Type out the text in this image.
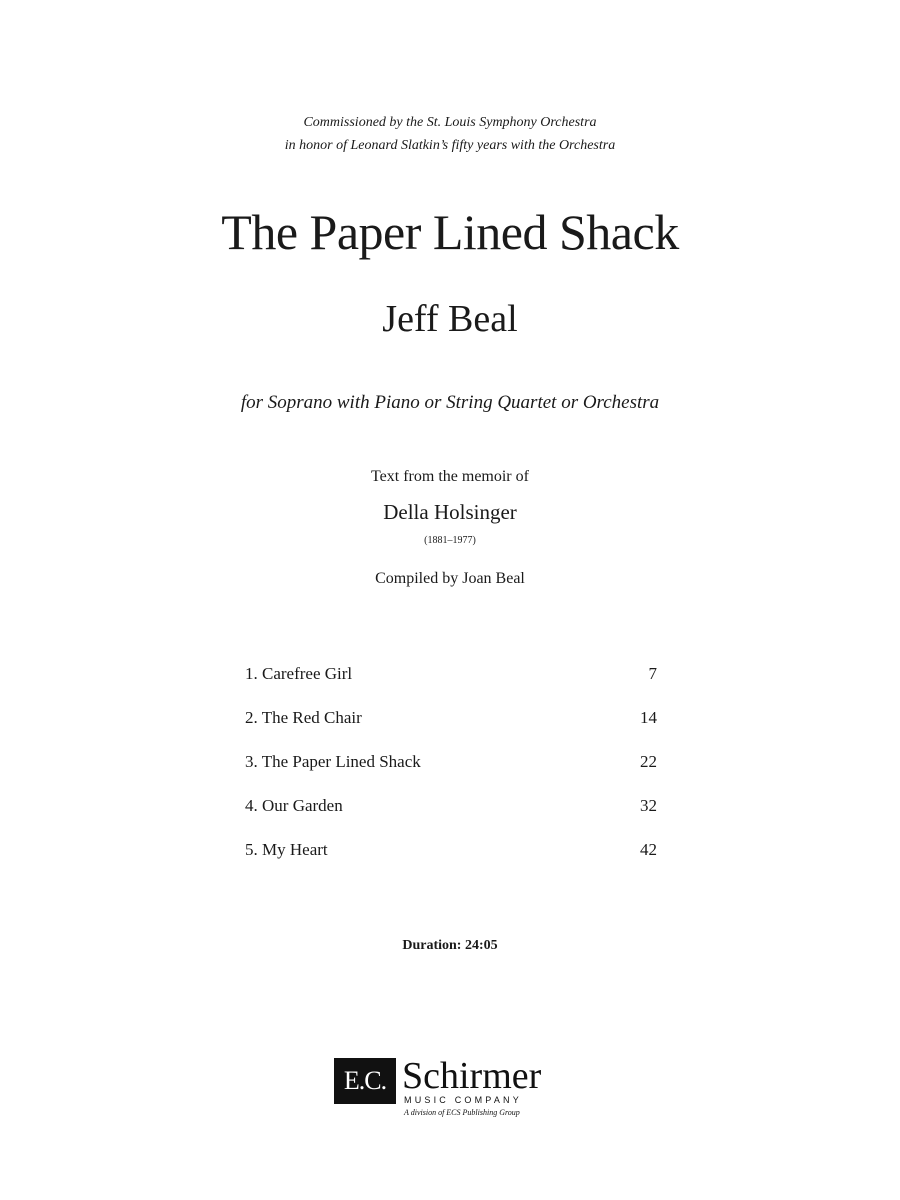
Commissioned by the St. Louis Symphony Orchestra
in honor of Leonard Slatkin’s fifty years with the Orchestra
The Paper Lined Shack
Jeff Beal
for Soprano with Piano or String Quartet or Orchestra
Text from the memoir of
Della Holsinger
(1881–1977)
Compiled by Joan Beal
1. Carefree Girl	7
2. The Red Chair	14
3. The Paper Lined Shack	22
4. Our Garden	32
5. My Heart	42
Duration: 24:05
E.C. Schirmer
MUSIC COMPANY
A division of ECS Publishing Group
